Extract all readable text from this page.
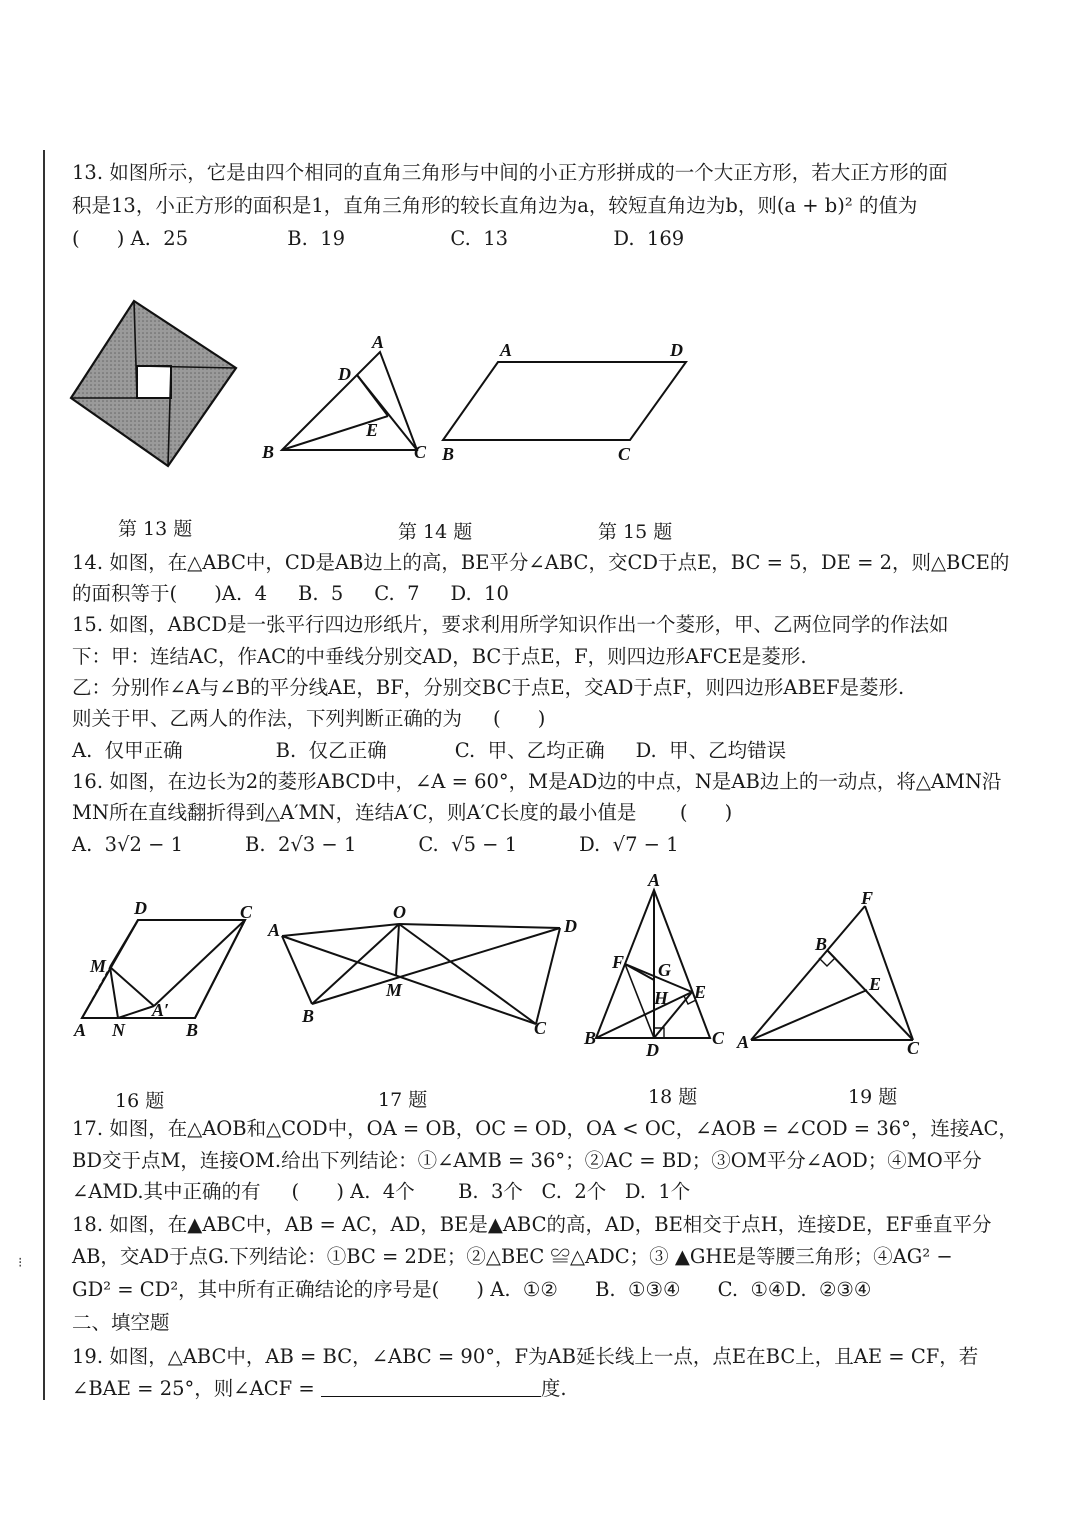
⁝
13. 如图所示，它是由四个相同的直角三角形与中间的小正方形拼成的一个大正方形，若大正方形的面
积是13，小正方形的面积是1，直角三角形的较长直角边为a，较短直角边为b，则(a + b)² 的值为
(      ) A.  25                B.  19                 C.  13                 D.  169
A
D
E
B	C
A	D
B	C
第 13 题	第 14 题	第 15 题
14. 如图，在△ABC中，CD是AB边上的高，BE平分∠ABC，交CD于点E，BC = 5，DE = 2，则△BCE的
的面积等于(      )A.  4     B.  5     C.  7     D.  10
15. 如图，ABCD是一张平行四边形纸片，要求利用所学知识作出一个菱形，甲、乙两位同学的作法如
下：甲：连结AC，作AC的中垂线分别交AD，BC于点E，F，则四边形AFCE是菱形.
乙：分别作∠A与∠B的平分线AE，BF，分别交BC于点E，交AD于点F，则四边形ABEF是菱形.
则关于甲、乙两人的作法，下列判断正确的为     (      )
A.  仅甲正确               B.  仅乙正确           C.  甲、乙均正确     D.  甲、乙均错误
16. 如图，在边长为2的菱形ABCD中，∠A = 60°，M是AD边的中点，N是AB边上的一动点，将△AMN沿
MN所在直线翻折得到△A′MN，连结A′C，则A′C长度的最小值是       (      )
A.  3√2 − 1          B.  2√3 − 1          C.  √5 − 1          D.  √7 − 1
D	C
M
A′
A N	B
O
A	D
M
B
C
A
F G
H E
B
D
C
F
B
E
A	C
16 题	17 题	18 题	19 题
17. 如图，在△AOB和△COD中，OA = OB，OC = OD，OA < OC，∠AOB = ∠COD = 36°，连接AC，
BD交于点M，连接OM.给出下列结论：①∠AMB = 36°；②AC = BD；③OM平分∠AOD；④MO平分
∠AMD.其中正确的有     (      ) A.  4个       B.  3个   C.  2个   D.  1个
18. 如图，在▲ABC中，AB = AC，AD，BE是▲ABC的高，AD，BE相交于点H，连接DE，EF垂直平分
AB，交AD于点G.下列结论：①BC = 2DE；②△BEC ≌△ADC；③ ▲GHE是等腰三角形；④AG² −
GD² = CD²，其中所有正确结论的序号是(      ) A.  ①②      B.  ①③④      C.  ①④D.  ②③④
二、填空题
19. 如图，△ABC中，AB = BC，∠ABC = 90°，F为AB延长线上一点，点E在BC上，且AE = CF，若
∠BAE = 25°，则∠ACF =	度.
